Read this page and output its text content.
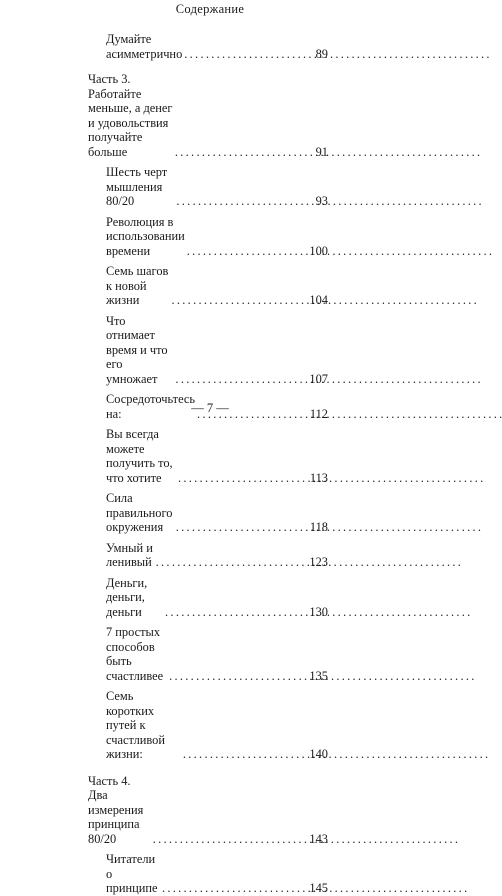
Содержание
Думайте асимметрично . . .	89
Часть 3. Работайте меньше, а денег
и удовольствия получайте больше . . .	91
Шесть черт мышления 80/20 . . .	93
Революция в использовании
времени . . .	100
Семь шагов к новой жизни . . .	104
Что отнимает время и что его
умножает . . .	107
Сосредоточьтесь на: . . .	112
Вы всегда можете получить то,
что хотите . . .	113
Сила правильного окружения . . .	118
Умный и ленивый . . .	123
Деньги, деньги, деньги . . .	130
7 простых способов быть
счастливее . . .	135
Семь коротких путей к счастливой
жизни: . . .	140
Часть 4. Два измерения
принципа 80/20 . . .	143
Читатели о принципе . . .	145
— 7 —
